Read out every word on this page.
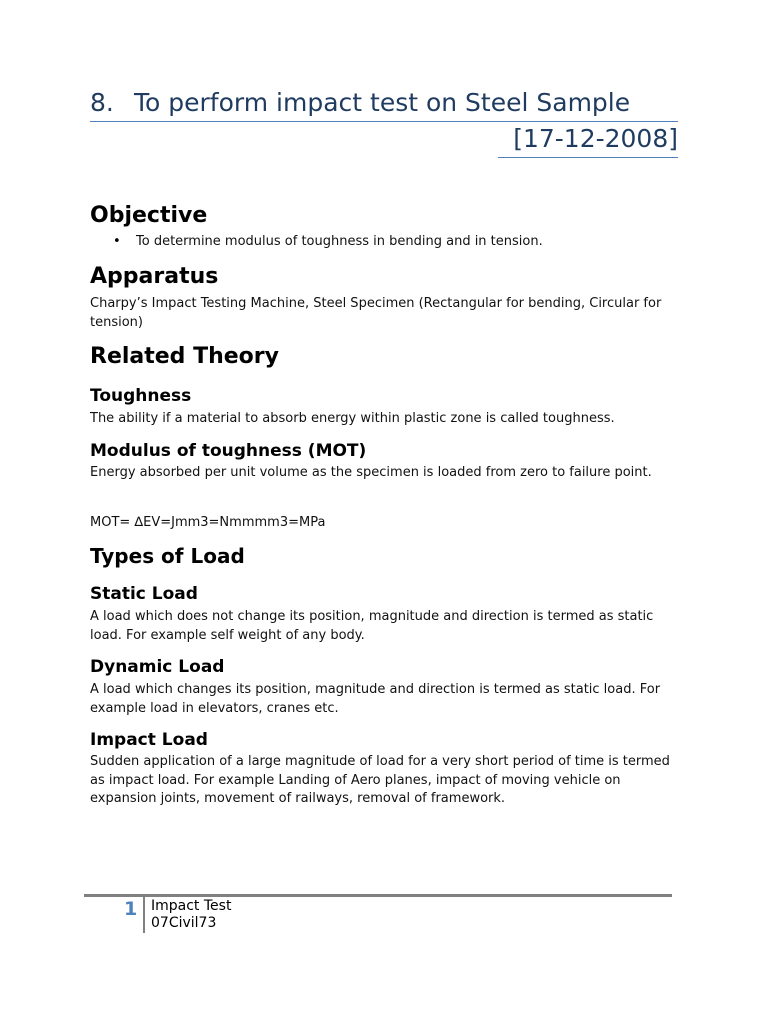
8. To perform impact test on Steel Sample
[17-12-2008]
Objective
• To determine modulus of toughness in bending and in tension.
Apparatus
Charpy’s Impact Testing Machine, Steel Specimen (Rectangular for bending, Circular for tension)
Related Theory
Toughness
The ability if a material to absorb energy within plastic zone is called toughness.
Modulus of toughness (MOT)
Energy absorbed per unit volume as the specimen is loaded from zero to failure point.
MOT= ∆EV=Jmm3=Nmmmm3=MPa
Types of Load
Static Load
A load which does not change its position, magnitude and direction is termed as static load. For example self weight of any body.
Dynamic Load
A load which changes its position, magnitude and direction is termed as static load. For example load in elevators, cranes etc.
Impact Load
Sudden application of a large magnitude of load for a very short period of time is termed as impact load. For example Landing of Aero planes, impact of moving vehicle on expansion joints, movement of railways, removal of framework.
1 Impact Test
07Civil73
